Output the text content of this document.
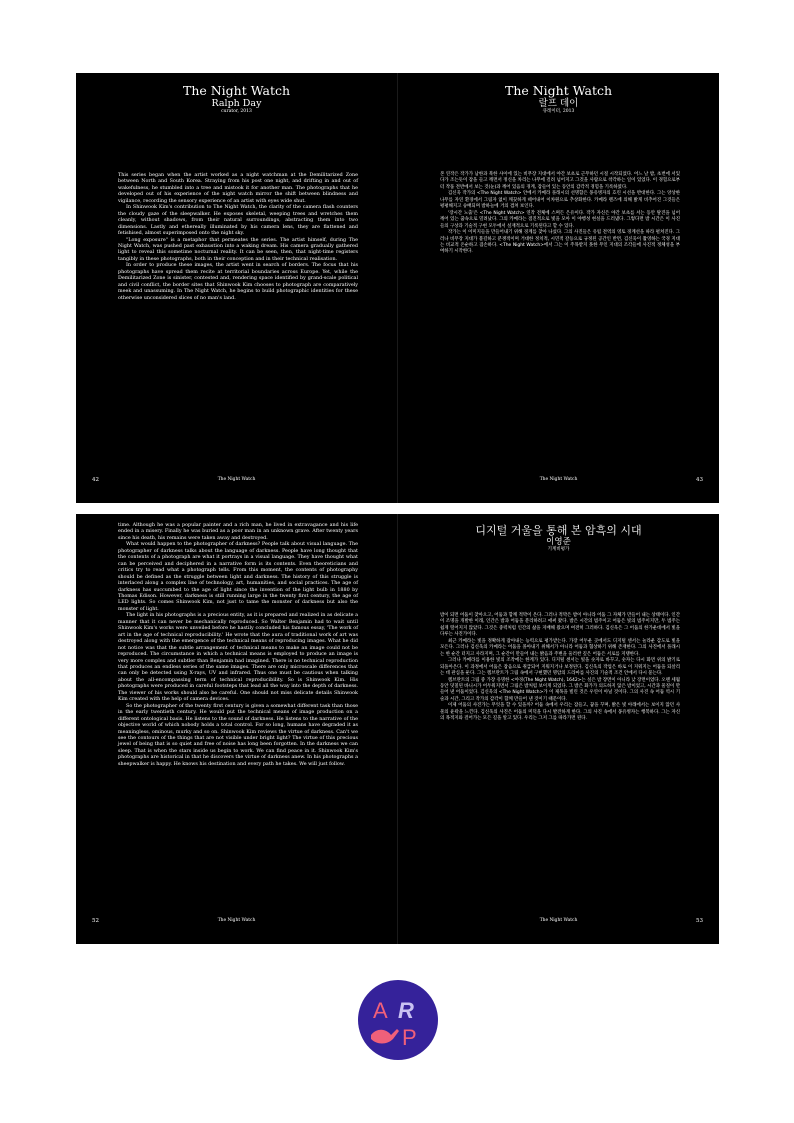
The Night Watch

Ralph Day
curator, 2013

This series began when the artist worked as a night watchman at the Demilitarized Zone between North and South Korea. Straying from his post one night, and drifting in and out of wakefulness, he stumbled into a tree and mistook it for another man. The photographs that he developed out of his experience of the night watch mirror the shift between blindness and vigilance, recording the sensory experience of an artist with eyes wide shut.

In Shinwook Kim's contribution to The Night Watch, the clarity of the camera flash counters the cloudy gaze of the sleepwalker. He exposes skeletal, weeping trees and wretches them cleanly, without shadows, from their natural surroundings, abstracting them into two dimensions. Lastly and ethereally illuminated by his camera lens, they are flattened and fetishised, almost superimposed onto the night sky.

"Long exposure" is a metaphor that permeates the series. The artist himself, during The Night Watch, was pushed past exhaustion into a waking dream. His camera gradually gathered light to reveal this sometime nocturnal reality. It can be seen, then, that night-time registers tangibly in these photographs, both in their conception and in their technical realisation.

In order to produce these images, the artist went in search of borders. The focus that his photographs have spread them recite at territorial boundaries across Europe. Yet, while the Demilitarized Zone is sinister, contested and, rendering space identified by grand-scale political and civil conflict, the border sites that Shinwook Kim chooses to photograph are comparatively meek and unassuming. In The Night Watch, he begins to build photographic identities for these otherwise unconsidered slices of no man's land.

42	The Night Watch

The Night Watch

랄프 데이
큐레이터, 2013

본 연작은 작가가 남한과 북한 사이에 있는 비무장 지대에서 야간 보초로 근무하던 시절 시작되었다. 어느 날 밤, 초번에 서있다가 조는듯이 잠을 들고 깨면서 정신을 차리는 나무에 걸려 넘어지고 그것을 사람으로 착각하는 일이 있었다. 이 경험으로부터 작품 전반에서 보는 것(눈)과 깨어 있음의 경계, 잠들어 있는 동안의 감각적 경험을 기록하였다.

김신욱 작가의 <The Night Watch> 안에서 카메라 플래시의 선명함은 몽유병자의 흐린 시선을 반대한다. 그는 앙상한 나무를 자연 환경에서 그림자 없이 깨끗하게 떼어내어 이차원으로 추상화한다. 카메라 렌즈에 의해 밝게 비추어진 그것들은 평평해지고 숭배되며 밤하늘에 거의 겹쳐 보인다.

'장시간 노출'은 <The Night Watch> 연작 전체에 스며든 은유이다. 작가 자신은 야간 보초를 서는 동안 탈진을 넘어 깨어 있는 꿈속으로 밀려났다. 그의 카메라는 점진적으로 빛을 모아 이 야행성 현실을 드러냈다. 그렇다면 밤 시간은 이 사진들의 구상과 기술적 구현 모두에서 실재적으로 기록된다고 할 수 있다.

작가는 이 이미지들을 만들어내기 위해 경계를 찾아 나섰다. 그의 사진들은 유럽 전역의 영토 경계선을 따라 펼쳐진다. 그러나 비무장 지대가 불길하고 분쟁적이며 거대한 정치적, 시민적 갈등으로 규정된 공간인 반면, 김신욱이 촬영하는 국경 지대는 비교적 온순하고 겸손하다. <The Night Watch>에서 그는 이 주목받지 못한 무인 지대의 조각들에 사진적 정체성을 부여하기 시작한다.

43
The Night Watch

time. Although he was a popular painter and a rich man, he lived in extravagance and his life ended in a misery. Finally he was buried as a poor man in an unknown grave. After twenty years since his death, his remains were taken away and destroyed.

What would happen to the photographer of darkness? People talk about visual language. The photographer of darkness talks about the language of darkness. People have long thought that the contents of a photograph are what it portrays in a visual language. They have thought what can be perceived and deciphered in a narrative form is its contents. Even theoreticians and critics try to read what a photograph tells. From this moment, the contents of photography should be defined as the struggle between light and darkness. The history of this struggle is interlaced along a complex line of technology, art, humanities, and social practices. The age of darkness has succumbed to the age of light since the invention of the light bulb in 1880 by Thomas Edison. However, darkness is still running large in the twenty first century, the age of LED lights. So comes Shinwook Kim, not just to tame the monster of darkness but also the monster of light.

The light in his photographs is a precious entity, as it is prepared and realized in as delicate a manner that it can never be mechanically reproduced. So Walter Benjamin had to wait until Shinwook Kim's works were unveiled before he hastily concluded his famous essay, 'The work of art in the age of technical reproducibility.' He wrote that the aura of traditional work of art was destroyed along with the emergence of the technical means of reproducing images. What he did not notice was that the subtle arrangement of technical means to make an image could not be reproduced. The circumstance in which a technical means is employed to produce an image is very more complex and subtler than Benjamin had imagined. There is no technical reproduction that produces an endless series of the same images. There are only microscale differences that can only be detected using X-rays, UV and infrared. Thus one must be cautious when talking about the all-encompassing term of technical reproducibility. So is Shinwook Kim. His photographs were produced in careful footsteps that lead all the way into the depth of darkness. The viewer of his works should also be careful. One should not miss delicate details Shinwook Kim created with the help of camera devices.

So the photographer of the twenty first century is given a somewhat different task than those in the early twentieth century. He would put the technical means of image production on a different ontological basis. He listens to the sound of darkness. He listens to the narrative of the objective world of which nobody holds a total control. For so long, humans have degraded it as meaningless, ominous, murky and so on. Shinwook Kim reviews the virtue of darkness. Can't we see the contours of the things that are not visible under bright light? The virtue of this precious jewel of being that is so quiet and free of noise has long been forgotten. In the darkness we can sleep. That is when the stars inside us begin to work. We can find peace in it. Shinwook Kim's photographs are historical in that he discovers the virtue of darkness anew. In his photographs a sheepwalker is happy. He knows his destination and every path he takes. We will just follow.

52	The Night Watch

디지털 거울을 통해 본 암흑의 시대

이영준
기계비평가

밤이 되면 어둠이 찾아오고, 어둠과 함께 적막이 온다. 그러나 적막은 밤이 아니라 어둠 그 자체가 만들어 내는 상태이다. 인간이 조명을 개발한 이래, 인간은 밤과 어둠을 분리하려고 애써 왔다. 밤은 시간의 범주이고 어둠은 빛의 범주이지만, 두 범주는 쉽게 떨어지지 않았다. 그것은 중력처럼 인간의 삶을 지배해 왔으며 여전히 그러하다. 김신욱은 그 어둠의 한가운데에서 빛을 다루는 사진가이다.

최근 카메라는 빛을 정확하게 잡아내는 능력으로 평가받는다. 가장 어두운 곳에서도 디지털 센서는 놀라운 감도로 빛을 모은다. 그러나 김신욱의 카메라는 어둠을 몰아내기 위해서가 아니라 어둠과 협상하기 위해 존재한다. 그의 사진에서 플래시는 한 순간 터지고 사라지며, 그 순간이 만들어 내는 밝음과 주변을 둘러싼 깊은 어둠은 서로를 지탱한다.

그러나 카메라를 이용한 빛의 조작에는 한계가 있다. 디지털 센서는 빛을 숫자로 바꾸고, 숫자는 다시 화면 위의 밝기로 되돌아온다. 이 과정에서 어둠은 잡음으로 취급되어 지워지거나 보정된다. 김신욱의 작업은 바로 이 지워지는 어둠을 되살리는 데 관심을 둔다. 그는 렘브란트가 그림 속에서 구현했던 명암의 드라마를 사진의 기술적 조건 안에서 다시 묻는다.

렘브란트의 그림 중 가장 유명한 <야경(The Night Watch), 1642>는 실은 밤 장면이 아니라 낮 장면이었다. 오랜 세월 동안 덧칠된 바니시가 어두워지면서 그림은 밤처럼 보이게 되었다. 그 밤은 화가가 의도하지 않은 밤이었고, 시간과 물질이 만들어 낸 어둠이었다. 김신욱의 <The Night Watch>가 이 제목을 빌린 것은 우연이 아닐 것이다. 그의 사진 속 어둠 역시 기술과 시간, 그리고 작가의 감각이 함께 만들어 낸 것이기 때문이다.

이제 어둠의 사진가는 무엇을 할 수 있을까? 어둠 속에서 우리는 잠들고, 꿈을 꾸며, 밝은 빛 아래에서는 보이지 않던 사물의 윤곽을 느낀다. 김신욱의 사진은 어둠의 미덕을 다시 발견하게 한다. 그의 사진 속에서 몽유병자는 행복하다. 그는 자신의 목적지와 걸어가는 모든 길을 알고 있다. 우리는 그저 그를 따라가면 된다.

53
The Night Watch
A R
P
